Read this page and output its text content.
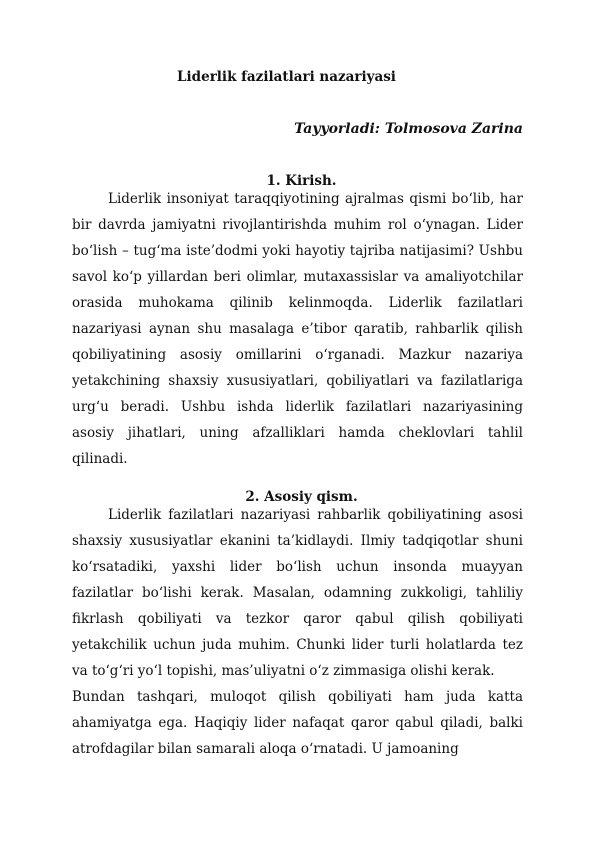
Liderlik fazilatlari nazariyasi
Tayyorladi: Tolmosova Zarina
1. Kirish.

Liderlik insoniyat taraqqiyotining ajralmas qismi bo‘lib, har bir davrda jamiyatni rivojlantirishda muhim rol o‘ynagan. Lider bo‘lish – tug‘ma iste’dodmi yoki hayotiy tajriba natijasimi? Ushbu savol ko‘p yillardan beri olimlar, mutaxassislar va amaliyotchilar orasida muhokama qilinib kelinmoqda. Liderlik fazilatlari nazariyasi aynan shu masalaga e’tibor qaratib, rahbarlik qilish qobiliyatining asosiy omillarini o‘rganadi. Mazkur nazariya yetakchining shaxsiy xususiyatlari, qobiliyatlari va fazilatlariga urg‘u beradi. Ushbu ishda liderlik fazilatlari nazariyasining asosiy jihatlari, uning afzalliklari hamda cheklovlari tahlil qilinadi.

2. Asosiy qism.

Liderlik fazilatlari nazariyasi rahbarlik qobiliyatining asosi shaxsiy xususiyatlar ekanini ta’kidlaydi. Ilmiy tadqiqotlar shuni ko‘rsatadiki, yaxshi lider bo‘lish uchun insonda muayyan fazilatlar bo‘lishi kerak. Masalan, odamning zukkoligi, tahliliy fikrlash qobiliyati va tezkor qaror qabul qilish qobiliyati yetakchilik uchun juda muhim. Chunki lider turli holatlarda tez va to‘g‘ri yo‘l topishi, mas’uliyatni o‘z zimmasiga olishi kerak.

Bundan tashqari, muloqot qilish qobiliyati ham juda katta ahamiyatga ega. Haqiqiy lider nafaqat qaror qabul qiladi, balki atrofdagilar bilan samarali aloqa o‘rnatadi. U jamoaning
